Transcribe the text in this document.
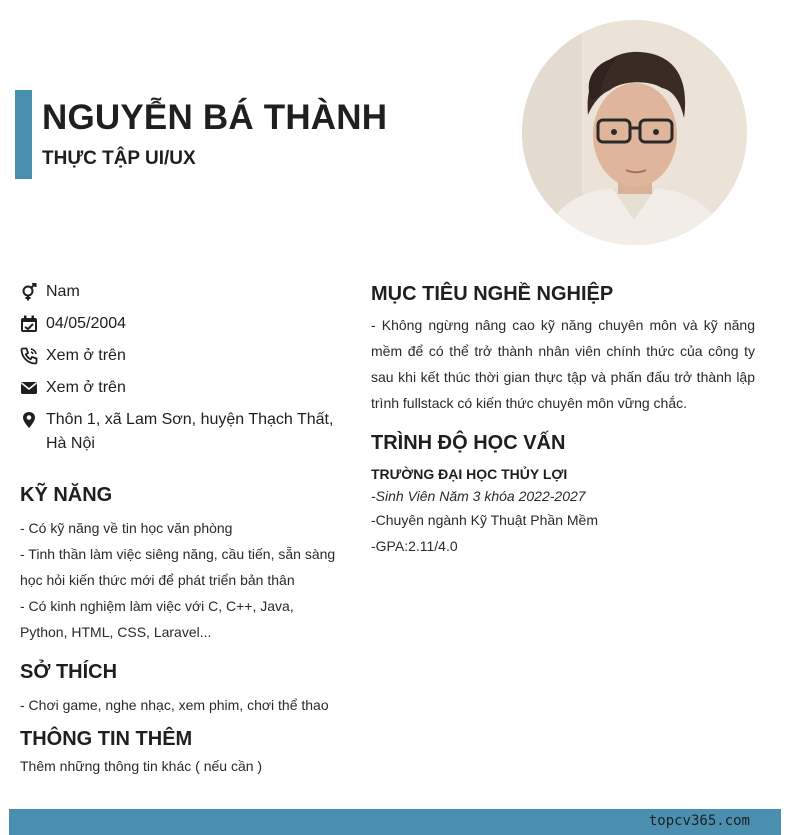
NGUYỄN BÁ THÀNH
THỰC TẬP UI/UX
Nam
04/05/2004
Xem ở trên
Xem ở trên
Thôn 1, xã Lam Sơn, huyện Thạch Thất, Hà Nội
KỸ NĂNG
- Có kỹ năng về tin học văn phòng
- Tinh thần làm việc siêng năng, cầu tiến, sẵn sàng học hỏi kiến thức mới để phát triển bản thân
- Có kinh nghiệm làm việc với C, C++, Java, Python, HTML, CSS, Laravel...
SỞ THÍCH
- Chơi game, nghe nhạc, xem phim, chơi thể thao
THÔNG TIN THÊM
Thêm những thông tin khác ( nếu cần )
MỤC TIÊU NGHỀ NGHIỆP
- Không ngừng nâng cao kỹ năng chuyên môn và kỹ năng mềm để có thể trở thành nhân viên chính thức của công ty sau khi kết thúc thời gian thực tập và phấn đấu trở thành lập trình fullstack có kiến thức chuyên môn vững chắc.
TRÌNH ĐỘ HỌC VẤN
TRƯỜNG ĐẠI HỌC THỦY LỢI
-Sinh Viên Năm 3 khóa 2022-2027
-Chuyên ngành Kỹ Thuật Phần Mềm
-GPA:2.11/4.0
topcv365.com
